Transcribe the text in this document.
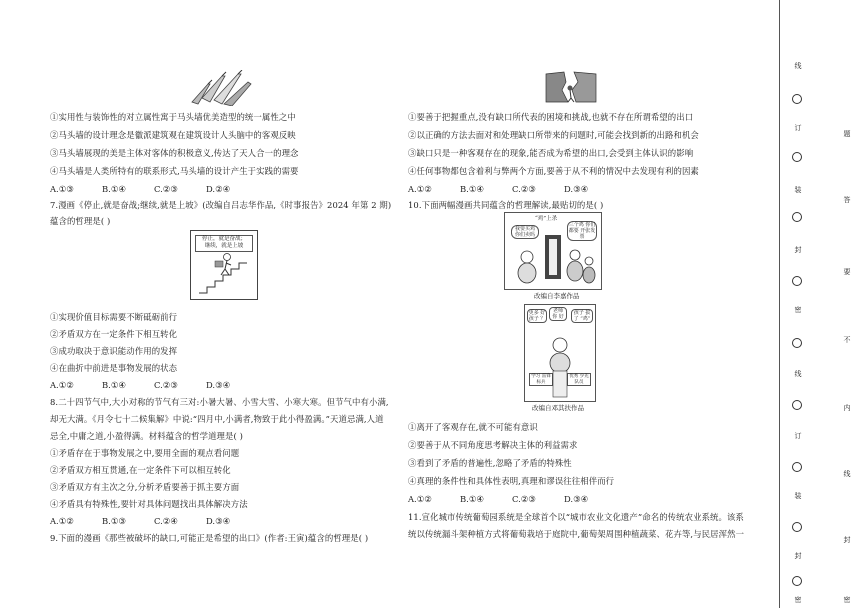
①实用性与装饰性的对立属性寓于马头墙优美造型的统一属性之中
②马头墙的设计理念是徽派建筑观在建筑设计人头脑中的客观反映
③马头墙展现的美是主体对客体的积极意义,传达了天人合一的理念
④马头墙是人类所特有的联系形式,马头墙的设计产生于实践的需要
A.①③	B.①④	C.②③	D.②④
7.漫画《停止,就是奋战;继续,就是上坡》(改编自吕志华作品,《时事报告》2024 年第 2 期)
蕴含的哲理是( )
停止，就是奋战；
继续，就是上坡
①实现价值目标需要不断砥砺前行
②矛盾双方在一定条件下相互转化
③成功取决于意识能动作用的发挥
④在曲折中前进是事物发展的状态
A.①②	B.①④	C.②③	D.③④
8.二十四节气中,大小对称的节气有三对:小暑大暑、小雪大雪、小寒大寒。但节气中有小满,
却无大满。《月令七十二候集解》中说:“四月中,小满者,物致于此小得盈满。”天道忌满,人道
忌全,中庸之道,小盈得满。材料蕴含的哲学道理是( )
①矛盾存在于事物发展之中,要用全面的观点看问题
②矛盾双方相互贯通,在一定条件下可以相互转化
③矛盾双方有主次之分,分析矛盾要善于抓主要方面
④矛盾具有特殊性,要针对具体问题找出具体解决方法
A.①②	B.①③	C.②④	D.③④
9.下面的漫画《那些被破坏的缺口,可能正是希望的出口》(作者:王寅)蕴含的哲理是( )
①要善于把握重点,没有缺口所代表的困境和挑战,也就不存在所谓希望的出口
②以正确的方法去面对和处理缺口所带来的问题时,可能会找到新的出路和机会
③缺口只是一种客观存在的现象,能否成为希望的出口,会受到主体认识的影响
④任何事物都包含着利与弊两个方面,要善于从不利的情况中去发现有利的因素
A.①②	B.①④	C.②③	D.③④
10.下面两幅漫画共同蕴含的哲理解读,最贴切的是( )
“鸡”上杀
我要买鸡 你们卖吗
三个鸡 你们都要 开张发票
改编自李嘉作品
更多 好孩子 ？
老师 你 好
孩子 拔了 “鸡”
学习 雷锋 标兵
优秀 少先队员
改编自邓其扶作品
①离开了客观存在,就不可能有意识
②要善于从不同角度思考解决主体的利益需求
③看到了矛盾的普遍性,忽略了矛盾的特殊性
④真理的条件性和具体性表明,真理和谬误往往相伴而行
A.①②	B.①④	C.②③	D.③④
11.宣化城市传统葡萄园系统是全球首个以“城市农业文化遗产”命名的传统农业系统。该系
统以传统漏斗架种植方式将葡萄栽培于庭院中,葡萄架周围种植蔬菜、花卉等,与民居浑然一
线
订
装
封
密
线
订
装
封
密
题
答
要
不
内
线
封
密
